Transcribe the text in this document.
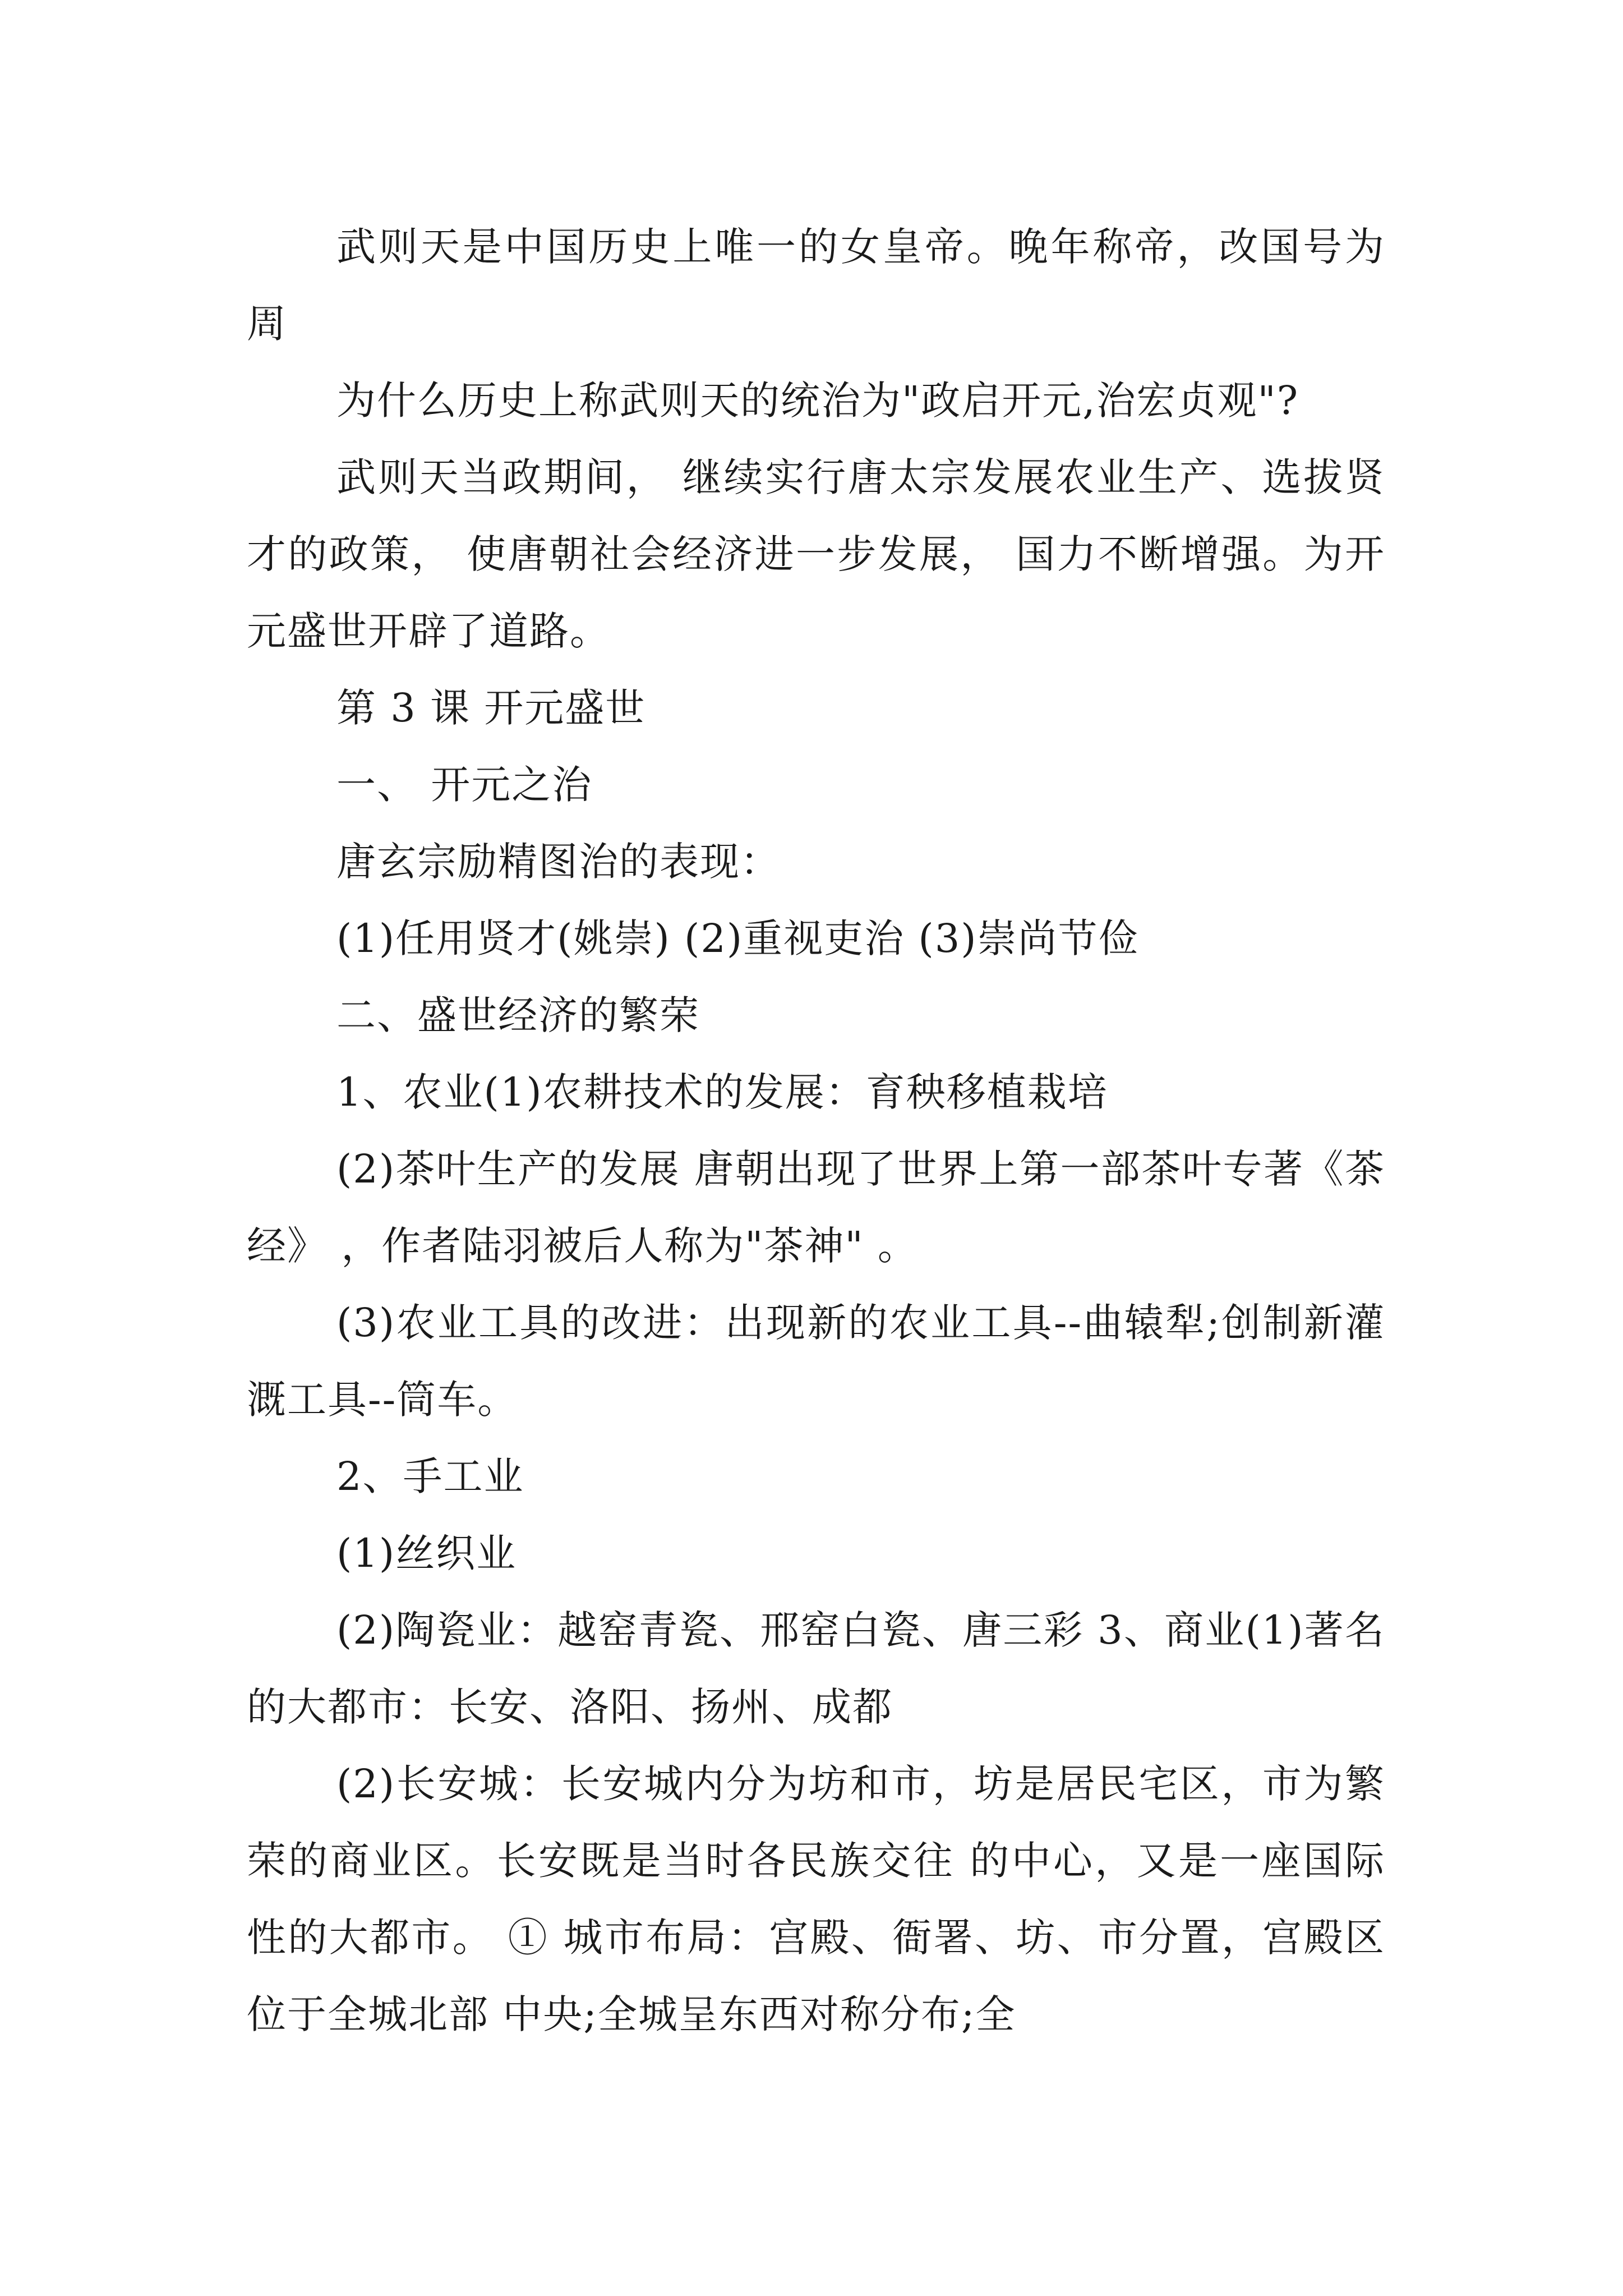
武则天是中国历史上唯一的女皇帝。晚年称帝，改国号为周

为什么历史上称武则天的统治为"政启开元,治宏贞观"?

武则天当政期间， 继续实行唐太宗发展农业生产、选拔贤才的政策， 使唐朝社会经济进一步发展， 国力不断增强。为开元盛世开辟了道路。

第 3 课 开元盛世

一、 开元之治

唐玄宗励精图治的表现：

(1)任用贤才(姚崇) (2)重视吏治 (3)崇尚节俭

二、盛世经济的繁荣

1、农业(1)农耕技术的发展：育秧移植栽培

(2)茶叶生产的发展 唐朝出现了世界上第一部茶叶专著《茶经》 ，作者陆羽被后人称为"茶神" 。

(3)农业工具的改进：出现新的农业工具--曲辕犁;创制新灌溉工具--筒车。

2、手工业

(1)丝织业

(2)陶瓷业：越窑青瓷、邢窑白瓷、唐三彩 3、商业(1)著名的大都市：长安、洛阳、扬州、成都

(2)长安城：长安城内分为坊和市，坊是居民宅区，市为繁荣的商业区。长安既是当时各民族交往 的中心，又是一座国际性的大都市。 ① 城市布局：宫殿、衙署、坊、市分置，宫殿区位于全城北部 中央;全城呈东西对称分布;全
